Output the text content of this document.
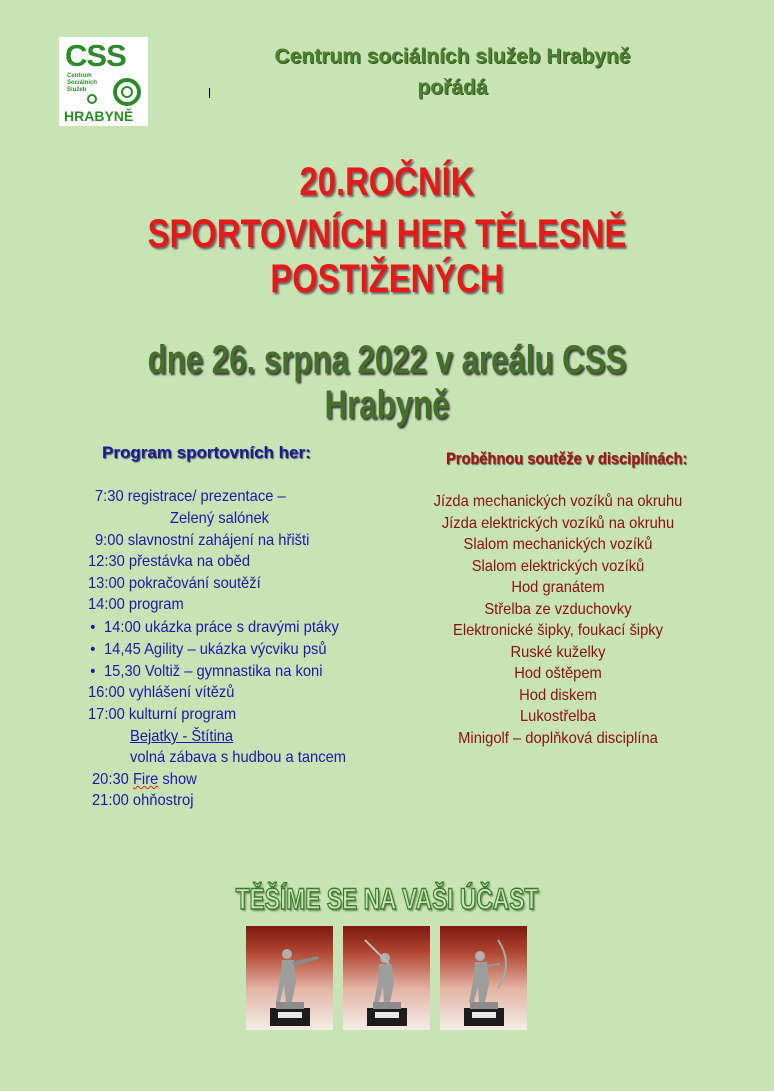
CSS
Centrum
Sociálních
Služeb
HRABYNĚ
Centrum sociálních služeb Hrabyně
pořádá
20.ROČNÍK
SPORTOVNÍCH HER TĚLESNĚ POSTIŽENÝCH
dne 26. srpna 2022 v areálu CSS Hrabyně
Program sportovních her:
7:30 registrace/ prezentace –
Zelený salónek
9:00 slavnostní zahájení na hřišti
12:30 přestávka na oběd
13:00 pokračování soutěží
14:00 program
• 14:00 ukázka práce s dravými ptáky
• 14,45 Agility – ukázka výcviku psů
• 15,30 Voltiž – gymnastika na koni
16:00 vyhlášení vítězů
17:00 kulturní program
Bejatky - Štítina
volná zábava s hudbou a tancem
20:30 Fire show
21:00 ohňostroj
Proběhnou soutěže v disciplínách:
Jízda mechanických vozíků na okruhu
Jízda elektrických vozíků na okruhu
Slalom mechanických vozíků
Slalom elektrických vozíků
Hod granátem
Střelba ze vzduchovky
Elektronické šipky, foukací šipky
Ruské kuželky
Hod oštěpem
Hod diskem
Lukostřelba
Minigolf – doplňková disciplína
TĚŠÍME SE NA VAŠI ÚČAST
